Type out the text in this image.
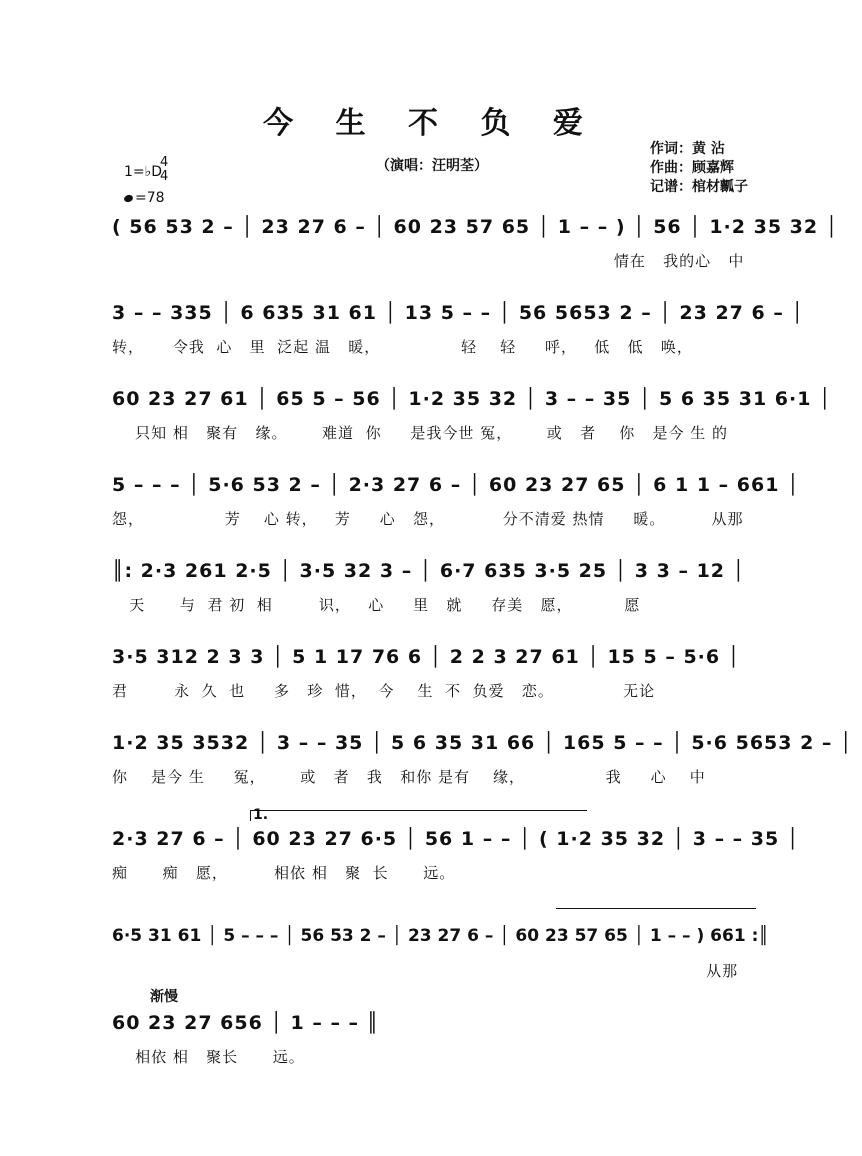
今 生 不 负 爱
（演唱：汪明荃）
作词：黄 沾
作曲：顾嘉辉
记谱：棺材瓤子
1=♭D
4
4
=78
( 56 53 2 – │ 23 27 6 – │ 60 23 57 65 │ 1 – – ) │ 56 │ 1·2 35 32 │
情在   我的心   中
3 – – 335 │ 6 635 31 61 │ 13 5 – – │ 56 5653 2 – │ 23 27 6 – │
转，     令我  心   里  泛起 温   暖，              轻    轻     呼，   低   低   唤，
60 23 27 61 │ 65 5 – 56 │ 1·2 35 32 │ 3 – – 35 │ 5 6 35 31 6·1 │
只知 相   聚有   缘。      难道  你     是我今世 冤，      或   者    你   是今 生 的
5 – – – │ 5·6 53 2 – │ 2·3 27 6 – │ 60 23 27 65 │ 6 1 1 – 661 │
怨，              芳    心 转，   芳     心   怨，          分不清爱 热情     暖。        从那
║: 2·3 261 2·5 │ 3·5 32 3 – │ 6·7 635 3·5 25 │ 3 3 – 12 │
天      与  君 初  相        识，   心     里   就     存美   愿，         愿
3·5 312 2 3 3 │ 5 1 17 76 6 │ 2 2 3 27 61 │ 15 5 – 5·6 │
君        永  久  也     多   珍  惜，  今    生  不  负爱   恋。            无论
1·2 35 3532 │ 3 – – 35 │ 5 6 35 31 66 │ 165 5 – – │ 5·6 5653 2 – │
你    是今 生     冤，      或   者   我   和你 是有    缘，              我     心    中
1.
2·3 27 6 – │ 60 23 27 6·5 │ 56 1 – – │ ( 1·2 35 32 │ 3 – – 35 │
痴      痴   愿，        相依 相   聚  长      远。
6·5 31 61 │ 5 – – – │ 56 53 2 – │ 23 27 6 – │ 60 23 57 65 │ 1 – – ) 661 :║
从那
渐慢
60 23 27 656 │ 1 – – – ║
相依 相   聚长      远。
